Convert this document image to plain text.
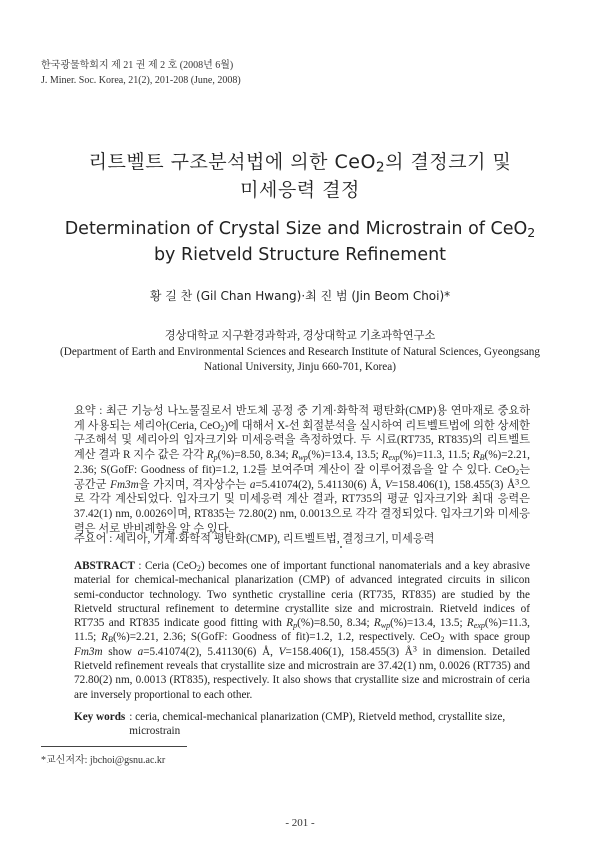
한국광물학회지 제 21 권 제 2 호 (2008년 6월)
J. Miner. Soc. Korea, 21(2), 201-208 (June, 2008)
리트벨트 구조분석법에 의한 CeO$_2$의 결정크기 및
미세응력 결정
Determination of Crystal Size and Microstrain of CeO$_2$
by Rietveld Structure Refinement
황 길 찬 (Gil Chan Hwang)·최 진 범 (Jin Beom Choi)*
경상대학교 지구환경과학과, 경상대학교 기초과학연구소
(Department of Earth and Environmental Sciences and Research Institute of Natural Sciences, Gyeongsang National University, Jinju 660-701, Korea)
요약 : 최근 기능성 나노물질로서 반도체 공정 중 기계·화학적 평탄화(CMP)용 연마재로 중요하게 사용되는 세리아(Ceria, CeO$_2$)에 대해서 X-선 회절분석을 실시하여 리트벨트법에 의한 상세한 구조해석 및 세리아의 입자크기와 미세응력을 측정하였다. 두 시료(RT735, RT835)의 리트벨트 계산 결과 R 지수 값은 각각 $R_p(\%)=8.50$, 8.34; $R_{wp}(\%)=13.4$, 13.5; $R_{exp}(\%)=11.3$, 11.5; $R_B(\%)=2.21$, 2.36; S(GofF: Goodness of fit)=1.2, 1.2를 보여주며 계산이 잘 이루어졌음을 알 수 있다. CeO$_2$는 공간군 Fm3m을 가지며, 격자상수는 a=5.41074(2), 5.41130(6) Å, V=158.406(1), 158.455(3) $Å^3$으로 각각 계산되었다. 입자크기 및 미세응력 계산 결과, RT735의 평균 입자크기와 최대 응력은 37.42(1) nm, 0.0026이며, RT835는 72.80(2) nm, 0.0013으로 각각 결정되었다. 입자크기와 미세응력은 서로 반비례함을 알 수 있다.
주요어 : 세리아, 기계·화학적 평탄화(CMP), 리트벨트법, 결정크기, 미세응력
ABSTRACT : Ceria (CeO$_2$) becomes one of important functional nanomaterials and a key abrasive material for chemical-mechanical planarization (CMP) of advanced integrated circuits in silicon semi-conductor technology. Two synthetic crystalline ceria (RT735, RT835) are studied by the Rietveld structural refinement to determine crystallite size and microstrain. Rietveld indices of RT735 and RT835 indicate good fitting with $R_p(\%)=8.50$, 8.34; $R_{wp}(\%)=13.4$, 13.5; $R_{exp}(\%)=11.3$, 11.5; $R_B(\%)=2.21$, 2.36; S(GofF: Goodness of fit)=1.2, 1.2, respectively. CeO$_2$ with space group Fm3m show a=5.41074(2), 5.41130(6) Å, V=158.406(1), 158.455(3) $Å^3$ in dimension. Detailed Rietveld refinement reveals that crystallite size and microstrain are 37.42(1) nm, 0.0026 (RT735) and 72.80(2) nm, 0.0013 (RT835), respectively. It also shows that crystallite size and microstrain of ceria are inversely proportional to each other.
Key words : ceria, chemical-mechanical planarization (CMP), Rietveld method, crystallite size, microstrain
*교신저자: jbchoi@gsnu.ac.kr
- 201 -
